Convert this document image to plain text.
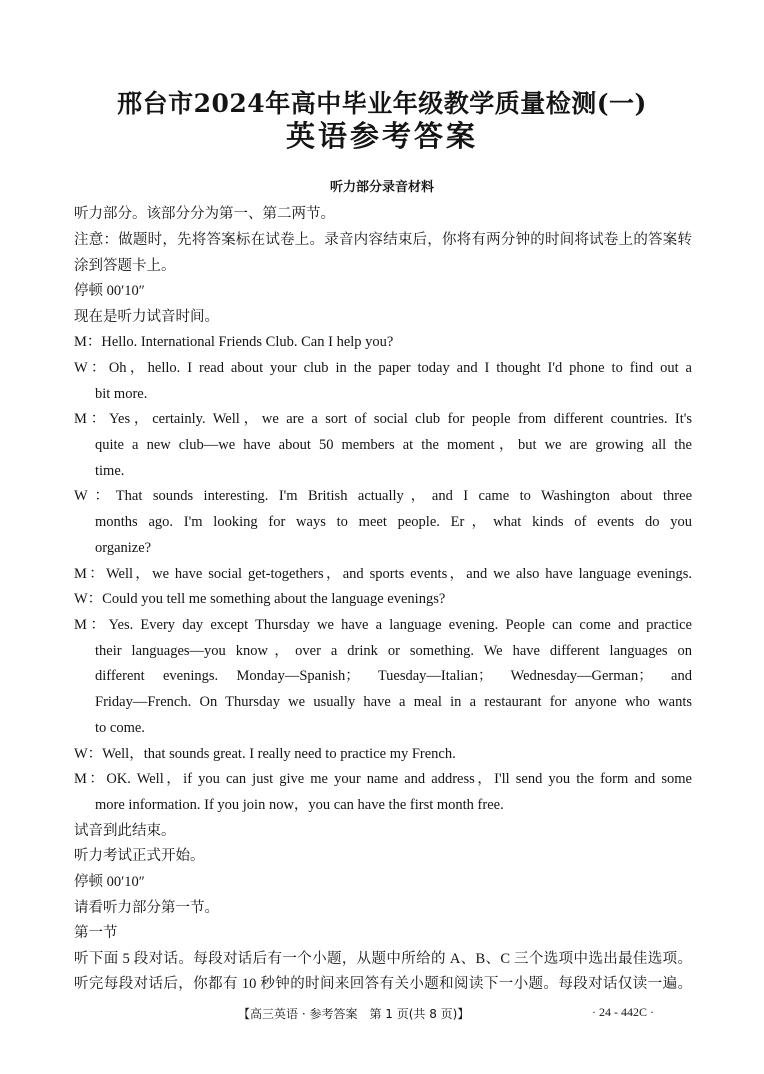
邢台市2024年高中毕业年级教学质量检测(一)
英语参考答案
听力部分录音材料
听力部分。该部分分为第一、第二两节。
注意：做题时，先将答案标在试卷上。录音内容结束后，你将有两分钟的时间将试卷上的答案转
涂到答题卡上。
停顿 00′10″
现在是听力试音时间。
M：Hello. International Friends Club. Can I help you?
W：Oh，hello. I read about your club in the paper today and I thought I'd phone to find out a
bit more.
M：Yes，certainly. Well，we are a sort of social club for people from different countries. It's
quite a new club—we have about 50 members at the moment，but we are growing all the
time.
W：That sounds interesting. I'm British actually，and I came to Washington about three
months ago. I'm looking for ways to meet people. Er，what kinds of events do you
organize?
M：Well，we have social get-togethers，and sports events，and we also have language evenings.
W：Could you tell me something about the language evenings?
M：Yes. Every day except Thursday we have a language evening. People can come and practice
their languages—you know，over a drink or something. We have different languages on
different evenings. Monday—Spanish； Tuesday—Italian； Wednesday—German； and
Friday—French. On Thursday we usually have a meal in a restaurant for anyone who wants
to come.
W：Well，that sounds great. I really need to practice my French.
M：OK. Well，if you can just give me your name and address，I'll send you the form and some
more information. If you join now，you can have the first month free.
试音到此结束。
听力考试正式开始。
停顿 00′10″
请看听力部分第一节。
第一节
听下面 5 段对话。每段对话后有一个小题，从题中所给的 A、B、C 三个选项中选出最佳选项。
听完每段对话后，你都有 10 秒钟的时间来回答有关小题和阅读下一小题。每段对话仅读一遍。
【高三英语 · 参考答案　第 1 页(共 8 页)】	· 24 - 442C ·
